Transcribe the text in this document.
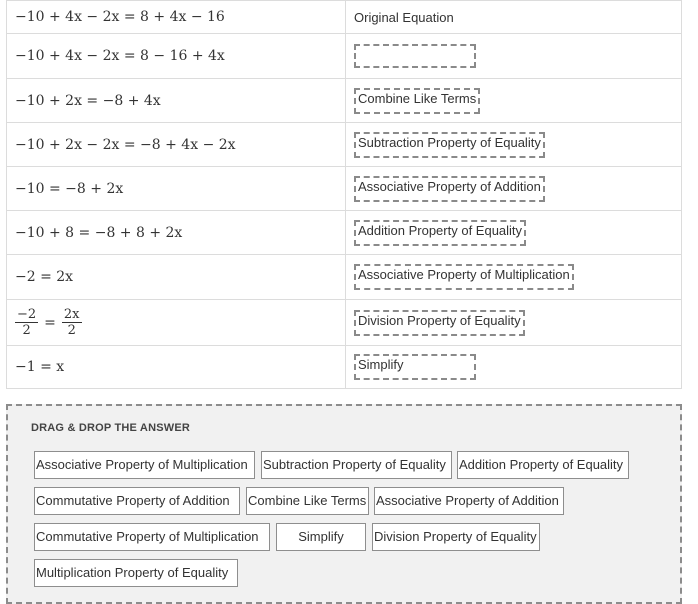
−10 + 4x − 2x = 8 + 4x − 16	Original Equation
−10 + 4x − 2x = 8 − 16 + 4x	
−10 + 2x = −8 + 4x	Combine Like Terms
−10 + 2x − 2x = −8 + 4x − 2x	Subtraction Property of Equality
−10 = −8 + 2x	Associative Property of Addition
−10 + 8 = −8 + 8 + 2x	Addition Property of Equality
−2 = 2x	Associative Property of Multiplication

$\frac{-2}{2} = \frac{2x}{2}$	Division Property of Equality
−1 = x	Simplify
DRAG & DROP THE ANSWER
Associative Property of Multiplication	Subtraction Property of Equality	Addition Property of Equality
Commutative Property of Addition	Combine Like Terms Associative Property of Addition
Commutative Property of Multiplication	Simplify	Division Property of Equality
Multiplication Property of Equality
